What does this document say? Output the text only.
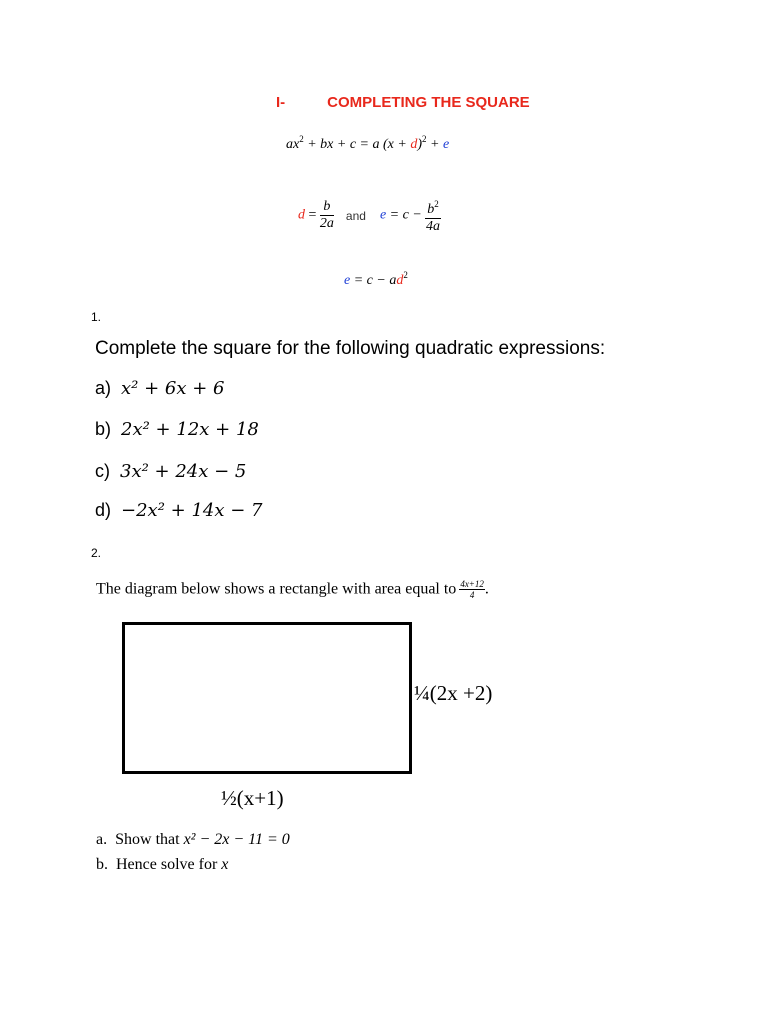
I-	COMPLETING THE SQUARE
$ax^2$ + bx + c = a $(x + d)^2 + e$
$d = \frac{b}{2a}$ and $e = c - \frac{b^2}{4a}$
$e = c - ad^2$
1.
Complete the square for the following quadratic expressions:
a) x² + 6x + 6
b) 2x² + 12x + 18
c) 3x² + 24x − 5
d) −2x² + 14x − 7
2.
The diagram below shows a rectangle with area equal to $\frac{4x+12}{4}$ .
¼(2x +2)
½(x+1)
a. Show that x² − 2x − 11 = 0
b. Hence solve for x
